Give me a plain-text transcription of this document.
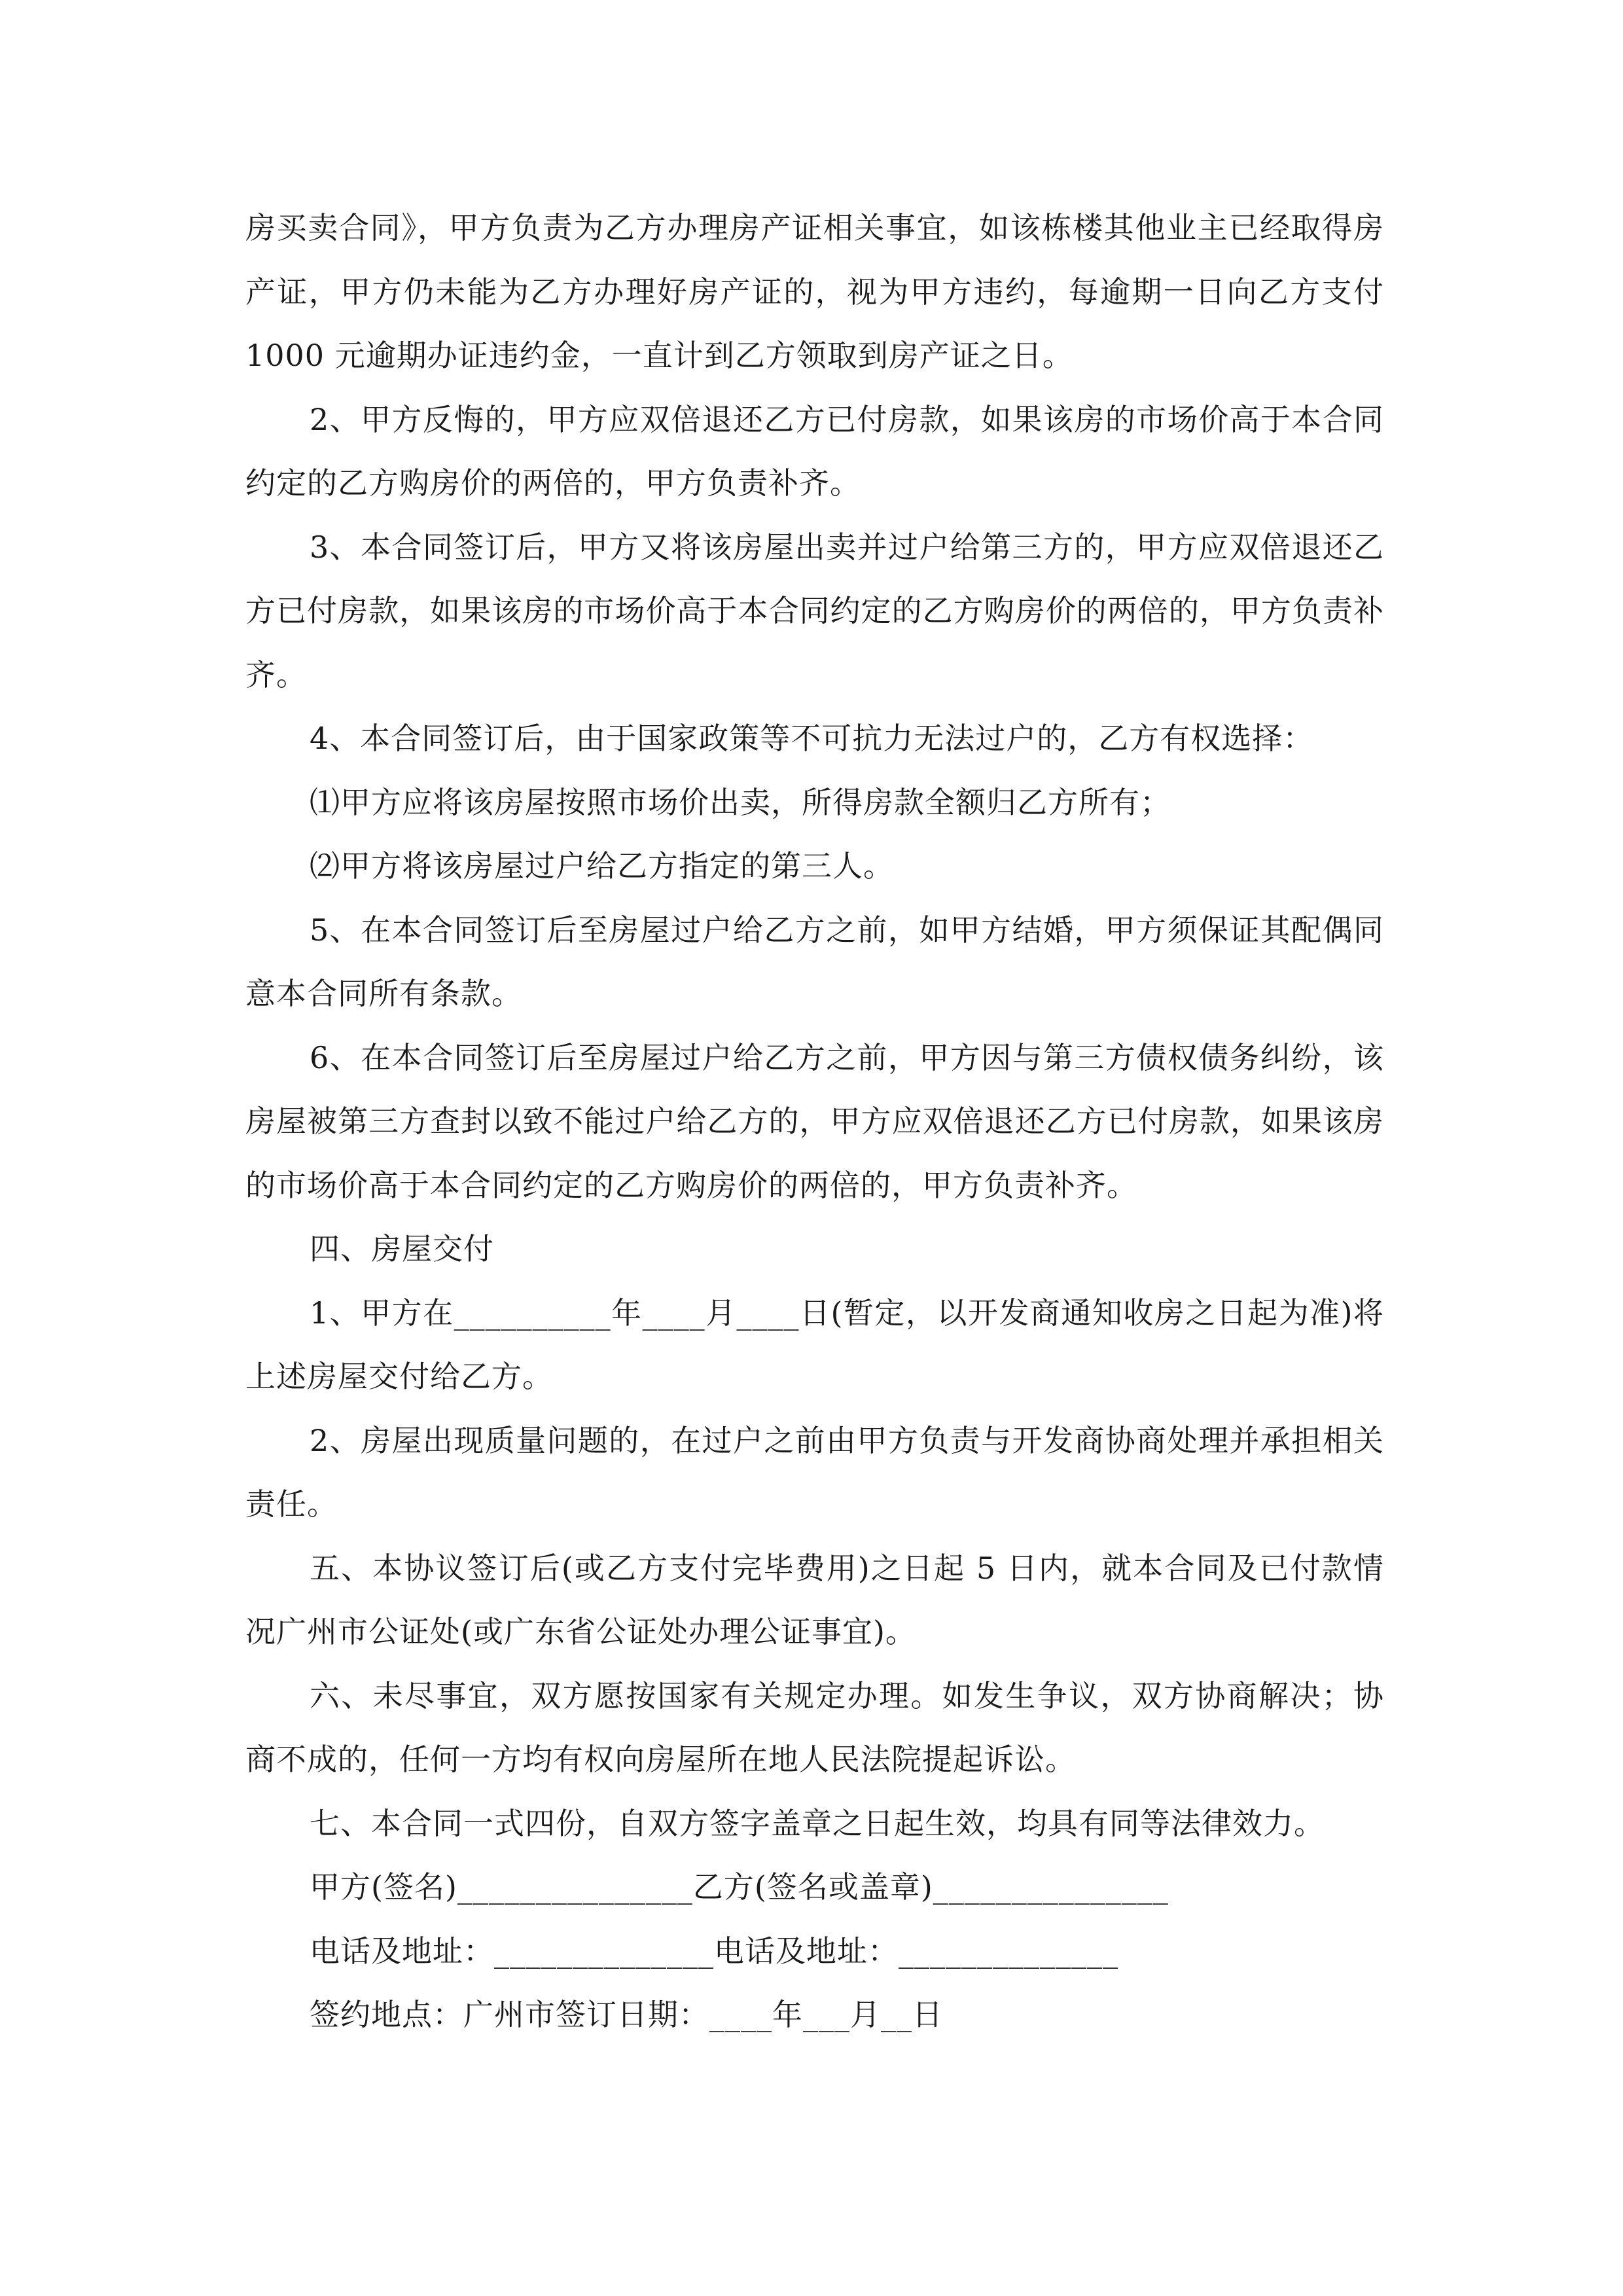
房买卖合同》，甲方负责为乙方办理房产证相关事宜，如该栋楼其他业主已经取得房产证，甲方仍未能为乙方办理好房产证的，视为甲方违约，每逾期一日向乙方支付 1000 元逾期办证违约金，一直计到乙方领取到房产证之日。

2、甲方反悔的，甲方应双倍退还乙方已付房款，如果该房的市场价高于本合同约定的乙方购房价的两倍的，甲方负责补齐。

3、本合同签订后，甲方又将该房屋出卖并过户给第三方的，甲方应双倍退还乙方已付房款，如果该房的市场价高于本合同约定的乙方购房价的两倍的，甲方负责补齐。

4、本合同签订后，由于国家政策等不可抗力无法过户的，乙方有权选择：

⑴甲方应将该房屋按照市场价出卖，所得房款全额归乙方所有；

⑵甲方将该房屋过户给乙方指定的第三人。

5、在本合同签订后至房屋过户给乙方之前，如甲方结婚，甲方须保证其配偶同意本合同所有条款。

6、在本合同签订后至房屋过户给乙方之前，甲方因与第三方债权债务纠纷，该房屋被第三方查封以致不能过户给乙方的，甲方应双倍退还乙方已付房款，如果该房的市场价高于本合同约定的乙方购房价的两倍的，甲方负责补齐。

四、房屋交付

1、甲方在__________年____月____日(暂定，以开发商通知收房之日起为准)将上述房屋交付给乙方。

2、房屋出现质量问题的，在过户之前由甲方负责与开发商协商处理并承担相关责任。

五、本协议签订后(或乙方支付完毕费用)之日起 5 日内，就本合同及已付款情况广州市公证处(或广东省公证处办理公证事宜)。

六、未尽事宜，双方愿按国家有关规定办理。如发生争议，双方协商解决；协商不成的，任何一方均有权向房屋所在地人民法院提起诉讼。

七、本合同一式四份，自双方签字盖章之日起生效，均具有同等法律效力。

甲方(签名)_______________乙方(签名或盖章)_______________

电话及地址：______________电话及地址：______________

签约地点：广州市签订日期：____年___月__日
